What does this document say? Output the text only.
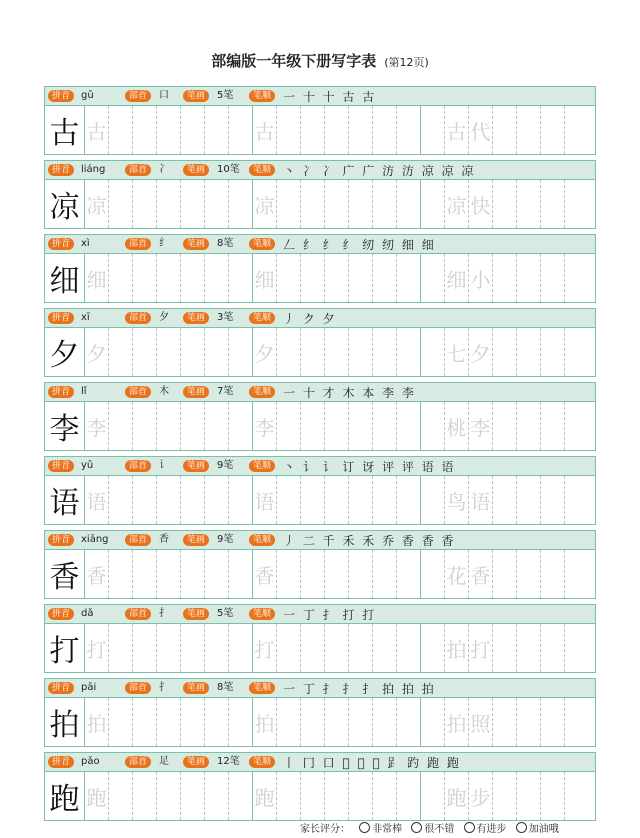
部编版一年级下册写字表 (第12页)
拼音	gǔ	部首	口	笔画	5笔	笔顺 一 十 十 古 古
古 古	古	古 代
拼音	liáng	部首	冫	笔画	10笔	笔顺 丶 冫 冫 广 广 汸 汸 凉 凉 凉
凉 凉	凉	凉 快
拼音	xì	部首	纟	笔画	8笔	笔顺 𠃋 纟 纟 纟 纫 纫 细 细
细 细	细	细 小
拼音	xī	部首	夕	笔画	3笔	笔顺 丿 ク 夕
夕 夕	夕	七 夕
拼音	lǐ	部首	木	笔画	7笔	笔顺 一 十 才 木 本 李 李
李 李	李	桃 李
拼音	yǔ	部首	讠	笔画	9笔	笔顺 丶 讠 讠 订 讶 评 评 语 语
语 语	语	鸟 语
拼音	xiāng	部首	香	笔画	9笔	笔顺 丿 二 千 禾 禾 乔 香 香 香
香 香	香	花 香
拼音	dǎ	部首	扌	笔画	5笔	笔顺 一 丁 扌 打 打
打 打	打	拍 打
拼音	pāi	部首	扌	笔画	8笔	笔顺 一 丁 扌 扌 扌 拍 拍 拍
拍 拍	拍	拍 照
拼音	pǎo	部首	足	笔画	12笔	笔顺 丨 冂 口 𠯁 𠯁 𠯁 𧾷 趵 跑 跑
跑 跑	跑	跑 步
家长评分： 非常棒 很不错 有进步 加油哦
